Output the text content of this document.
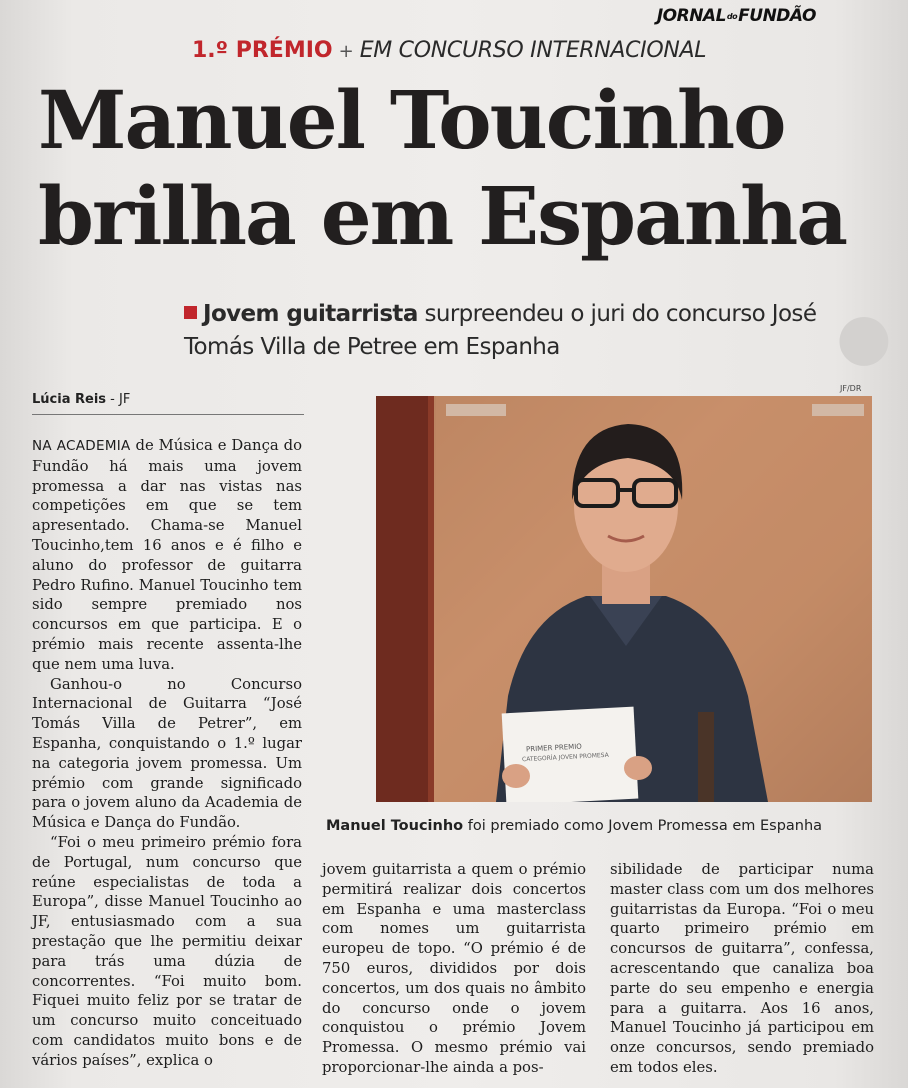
●
JORNALdoFUNDÃO
1.º PRÉMIO + EM CONCURSO INTERNACIONAL
Manuel Toucinho
brilha em Espanha
Jovem guitarrista surpreendeu o juri do concurso José Tomás Villa de Petree em Espanha
Lúcia Reis - JF
JF/DR

NA ACADEMIA de Música e Dança do Fundão há mais uma jovem promessa a dar nas vistas nas competições em que se tem apresentado. Chama-se Manuel Toucinho,tem 16 anos e é filho e aluno do professor de guitarra Pedro Rufino. Manuel Toucinho tem sido sempre premiado nos concursos em que participa. E o prémio mais recente assenta-lhe que nem uma luva.

Ganhou-o no Concurso Internacional de Guitarra “José Tomás Villa de Petrer”, em Espanha, conquistando o 1.º lugar na categoria jovem promessa. Um prémio com grande significado para o jovem aluno da Academia de Música e Dança do Fundão.

“Foi o meu primeiro prémio fora de Portugal, num concurso que reúne especialistas de toda a Europa”, disse Manuel Toucinho ao JF, entusiasmado com a sua prestação que lhe permitiu deixar para trás uma dúzia de concorrentes. “Foi muito bom. Fiquei muito feliz por se tratar de um concurso muito conceituado com candidatos muito bons e de vários países”, explica o

PRIMER PREMIO
CATEGORÍA JOVEN PROMESA
Manuel Toucinho foi premiado como Jovem Promessa em Espanha

jovem guitarrista a quem o prémio permitirá realizar dois concertos em Espanha e uma masterclass com nomes um guitarrista europeu de topo. “O prémio é de 750 euros, divididos por dois concertos, um dos quais no âmbito do concurso onde o jovem conquistou o prémio Jovem Promessa. O mesmo prémio vai proporcionar-lhe ainda a pos-

sibilidade de participar numa master class com um dos melhores guitarristas da Europa. “Foi o meu quarto primeiro prémio em concursos de guitarra”, confessa, acrescentando que canaliza boa parte do seu empenho e energia para a guitarra. Aos 16 anos, Manuel Toucinho já participou em onze concursos, sendo premiado em todos eles.
